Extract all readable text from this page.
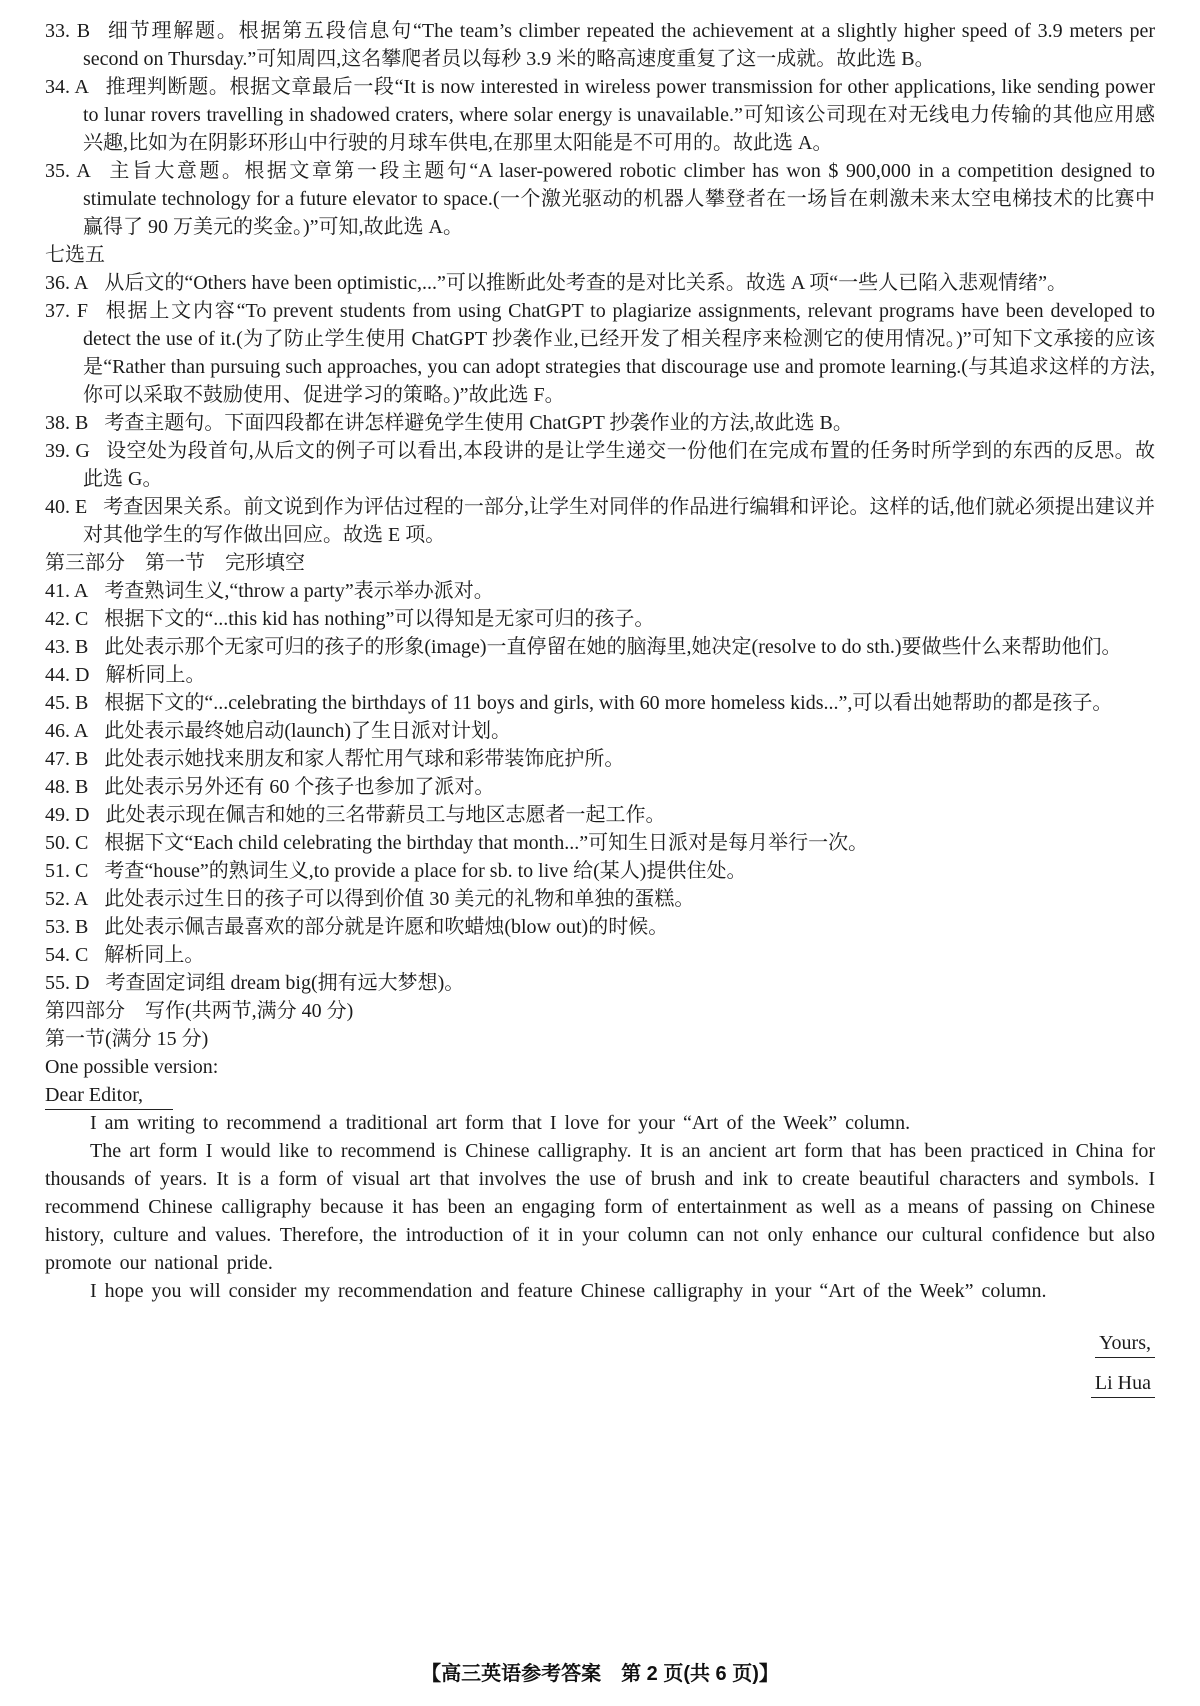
33. B 细节理解题。根据第五段信息句“The team’s climber repeated the achievement at a slightly higher speed of 3.9 meters per second on Thursday.”可知周四,这名攀爬者员以每秒 3.9 米的略高速度重复了这一成就。故此选 B。
34. A 推理判断题。根据文章最后一段“It is now interested in wireless power transmission for other applications, like sending power to lunar rovers travelling in shadowed craters, where solar energy is unavailable.”可知该公司现在对无线电力传输的其他应用感兴趣,比如为在阴影环形山中行驶的月球车供电,在那里太阳能是不可用的。故此选 A。
35. A 主旨大意题。根据文章第一段主题句“A laser-powered robotic climber has won $ 900,000 in a competition designed to stimulate technology for a future elevator to space.(一个激光驱动的机器人攀登者在一场旨在刺激未来太空电梯技术的比赛中赢得了 90 万美元的奖金。)”可知,故此选 A。
七选五
36. A 从后文的“Others have been optimistic,...”可以推断此处考查的是对比关系。故选 A 项“一些人已陷入悲观情绪”。
37. F 根据上文内容“To prevent students from using ChatGPT to plagiarize assignments, relevant programs have been developed to detect the use of it.(为了防止学生使用 ChatGPT 抄袭作业,已经开发了相关程序来检测它的使用情况。)”可知下文承接的应该是“Rather than pursuing such approaches, you can adopt strategies that discourage use and promote learning.(与其追求这样的方法,你可以采取不鼓励使用、促进学习的策略。)”故此选 F。
38. B 考查主题句。下面四段都在讲怎样避免学生使用 ChatGPT 抄袭作业的方法,故此选 B。
39. G 设空处为段首句,从后文的例子可以看出,本段讲的是让学生递交一份他们在完成布置的任务时所学到的东西的反思。故此选 G。
40. E 考查因果关系。前文说到作为评估过程的一部分,让学生对同伴的作品进行编辑和评论。这样的话,他们就必须提出建议并对其他学生的写作做出回应。故选 E 项。
第三部分　第一节　完形填空
41. A 考查熟词生义,“throw a party”表示举办派对。
42. C 根据下文的“...this kid has nothing”可以得知是无家可归的孩子。
43. B 此处表示那个无家可归的孩子的形象(image)一直停留在她的脑海里,她决定(resolve to do sth.)要做些什么来帮助他们。
44. D 解析同上。
45. B 根据下文的“...celebrating the birthdays of 11 boys and girls, with 60 more homeless kids...”,可以看出她帮助的都是孩子。
46. A 此处表示最终她启动(launch)了生日派对计划。
47. B 此处表示她找来朋友和家人帮忙用气球和彩带装饰庇护所。
48. B 此处表示另外还有 60 个孩子也参加了派对。
49. D 此处表示现在佩吉和她的三名带薪员工与地区志愿者一起工作。
50. C 根据下文“Each child celebrating the birthday that month...”可知生日派对是每月举行一次。
51. C 考查“house”的熟词生义,to provide a place for sb. to live 给(某人)提供住处。
52. A 此处表示过生日的孩子可以得到价值 30 美元的礼物和单独的蛋糕。
53. B 此处表示佩吉最喜欢的部分就是许愿和吹蜡烛(blow out)的时候。
54. C 解析同上。
55. D 考查固定词组 dream big(拥有远大梦想)。
第四部分　写作(共两节,满分 40 分)
第一节(满分 15 分)
One possible version:
Dear Editor,
I am writing to recommend a traditional art form that I love for your “Art of the Week” column.
The art form I would like to recommend is Chinese calligraphy. It is an ancient art form that has been practiced in China for thousands of years. It is a form of visual art that involves the use of brush and ink to create beautiful characters and symbols. I recommend Chinese calligraphy because it has been an engaging form of entertainment as well as a means of passing on Chinese history, culture and values. Therefore, the introduction of it in your column can not only enhance our cultural confidence but also promote our national pride.
I hope you will consider my recommendation and feature Chinese calligraphy in your “Art of the Week” column.
Yours,
Li Hua
【高三英语参考答案　第 2 页(共 6 页)】
